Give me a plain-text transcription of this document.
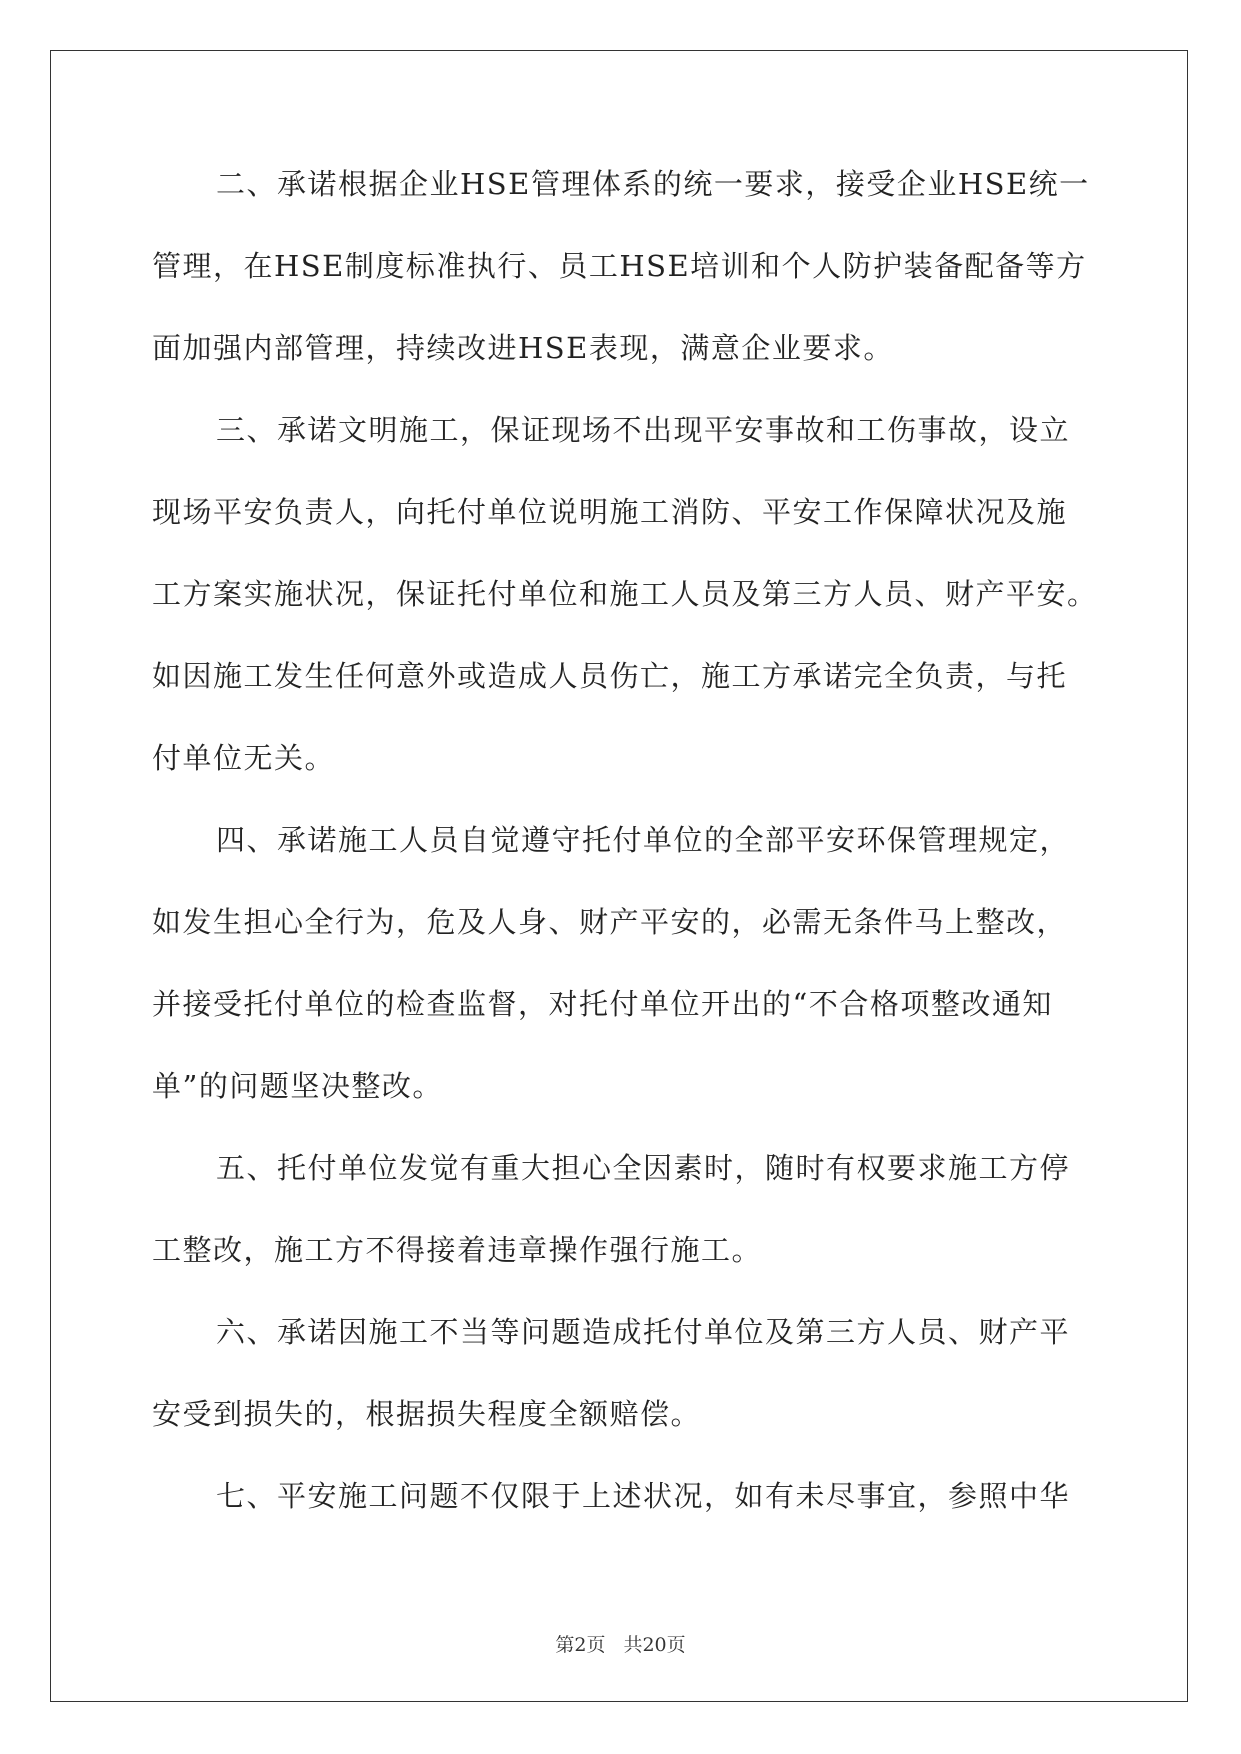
二、承诺根据企业HSE管理体系的统一要求，接受企业HSE统一
管理，在HSE制度标准执行、员工HSE培训和个人防护装备配备等方
面加强内部管理，持续改进HSE表现，满意企业要求。
三、承诺文明施工，保证现场不出现平安事故和工伤事故，设立
现场平安负责人，向托付单位说明施工消防、平安工作保障状况及施
工方案实施状况，保证托付单位和施工人员及第三方人员、财产平安。
如因施工发生任何意外或造成人员伤亡，施工方承诺完全负责，与托
付单位无关。
四、承诺施工人员自觉遵守托付单位的全部平安环保管理规定，
如发生担心全行为，危及人身、财产平安的，必需无条件马上整改，
并接受托付单位的检查监督，对托付单位开出的“不合格项整改通知
单”的问题坚决整改。
五、托付单位发觉有重大担心全因素时，随时有权要求施工方停
工整改，施工方不得接着违章操作强行施工。
六、承诺因施工不当等问题造成托付单位及第三方人员、财产平
安受到损失的，根据损失程度全额赔偿。
七、平安施工问题不仅限于上述状况，如有未尽事宜，参照中华
第2页 共20页
